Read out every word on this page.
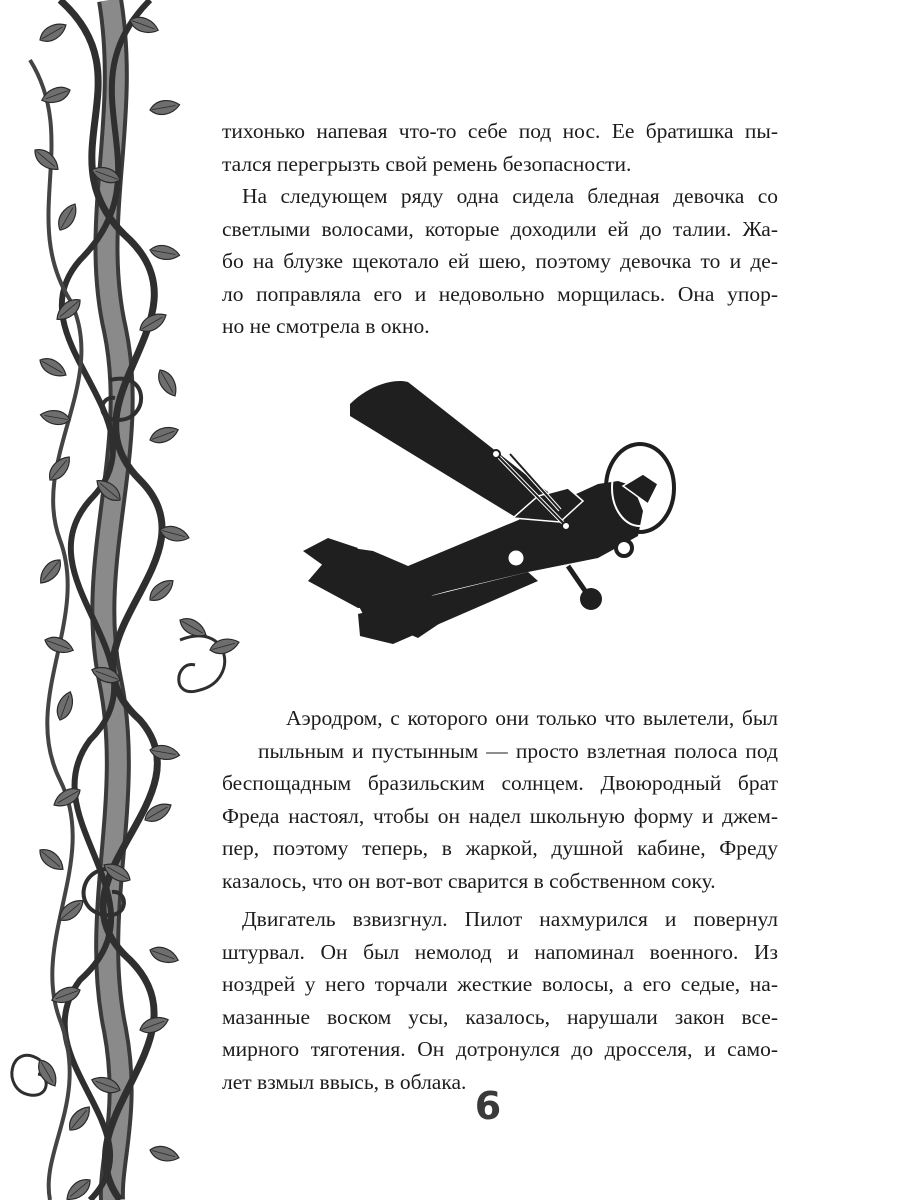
тихонько напевая что-то себе под нос. Ее братишка пы-

тался перегрызть свой ремень безопасности.

На следующем ряду одна сидела бледная девочка со

светлыми волосами, которые доходили ей до талии. Жа-

бо на блузке щекотало ей шею, поэтому девочка то и де-

ло поправляла его и недовольно морщилась. Она упор-

но не смотрела в окно.

Аэродром, с которого они только что вылетели, был

пыльным и пустынным — просто взлетная полоса под

беспощадным бразильским солнцем. Двоюродный брат

Фреда настоял, чтобы он надел школьную форму и джем-

пер, поэтому теперь, в жаркой, душной кабине, Фреду

казалось, что он вот-вот сварится в собственном соку.

Двигатель взвизгнул. Пилот нахмурился и повернул

штурвал. Он был немолод и напоминал военного. Из

ноздрей у него торчали жесткие волосы, а его седые, на-

мазанные воском усы, казалось, нарушали закон все-

мирного тяготения. Он дотронулся до дросселя, и само-

лет взмыл ввысь, в облака.

6
